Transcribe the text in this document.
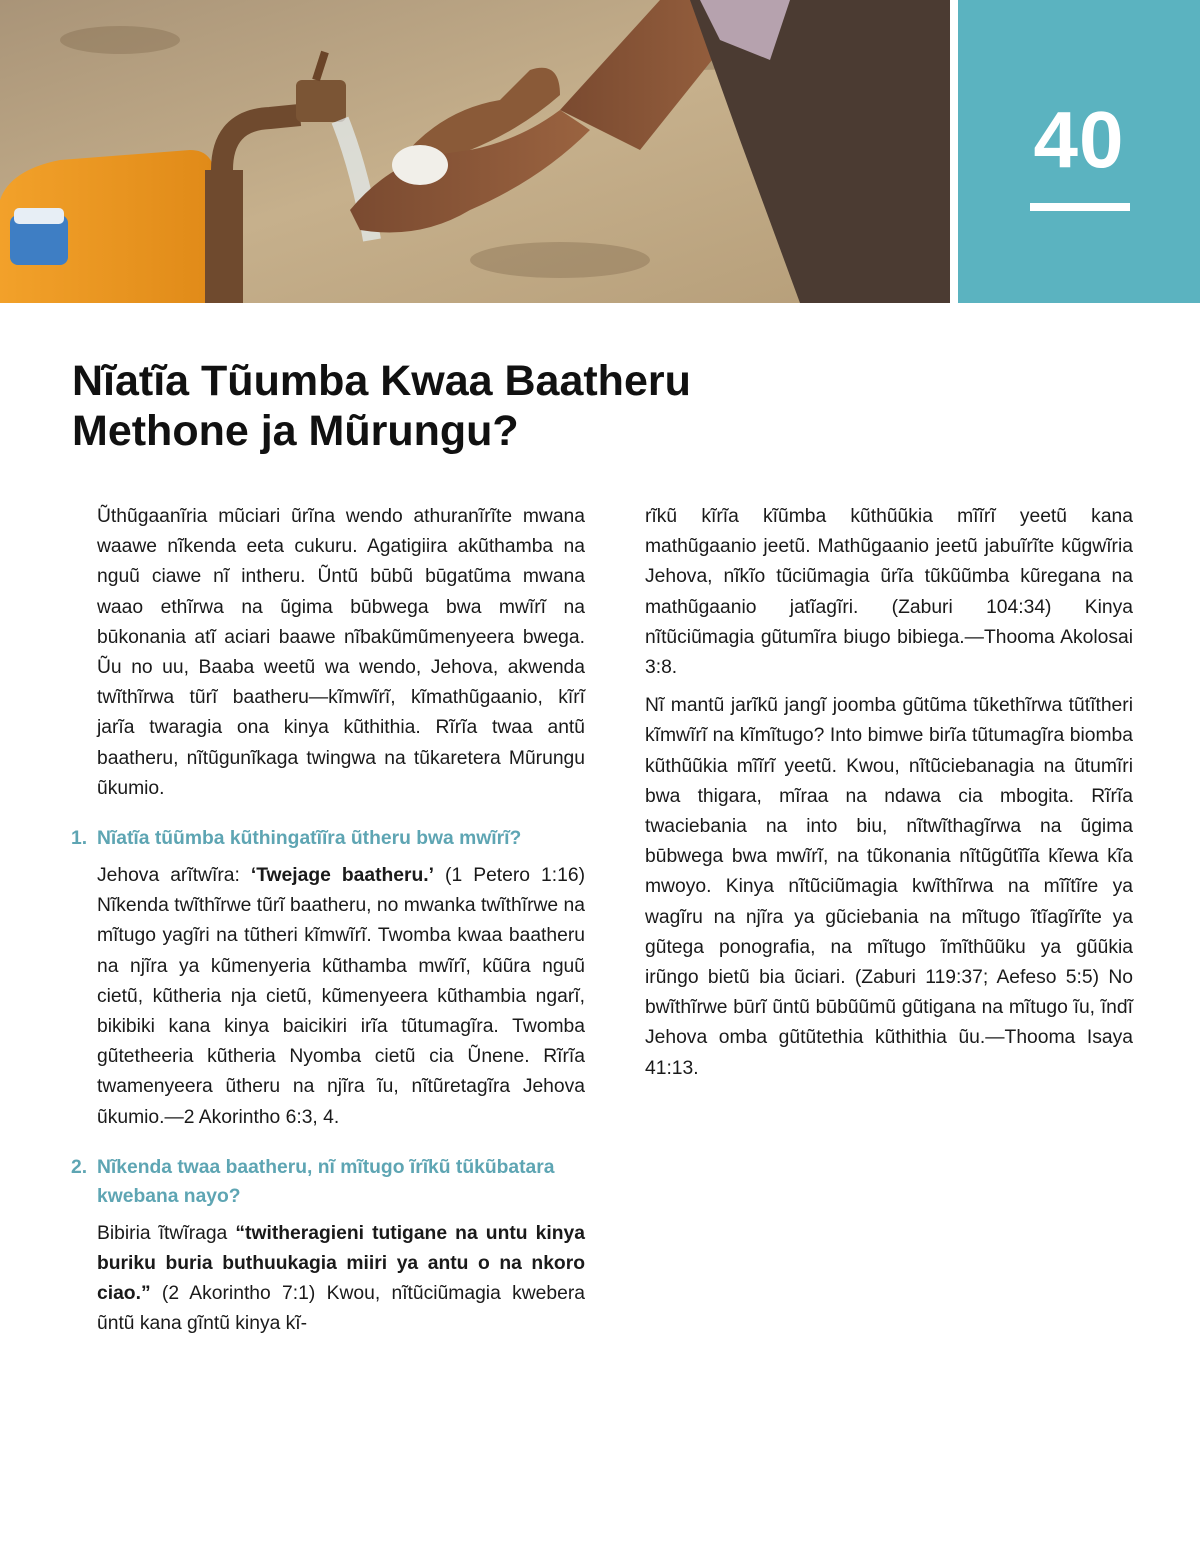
40
Nĩatĩa Tũumba Kwaa Baatheru
Methone ja Mũrungu?

Ũthũgaanĩria mũciari ũrĩna wendo athuranĩrĩte mwana waawe nĩkenda eeta cukuru. Agatigiira akũthamba na nguũ ciawe nĩ intheru. Ũntũ būbũ būgatũma mwana waao ethĩrwa na ũgima būbwega bwa mwĩrĩ na būkonania atĩ aciari baawe nĩbakũmũmenyeera bwega. Ũu no uu, Baaba weetũ wa wendo, Jehova, akwenda twĩthĩrwa tũrĩ baatheru—kĩmwĩrĩ, kĩmathũgaanio, kĩrĩ jarĩa twaragia ona kinya kũthithia. Rĩrĩa twaa antũ baatheru, nĩtũgunĩkaga twingwa na tũkaretera Mũrungu ũkumio.

1. Nĩatĩa tũũmba kũthingatĩĩra ũtheru bwa mwĩrĩ?

Jehova arĩtwĩra: ‘Twejage baatheru.’ (1 Petero 1:16) Nĩkenda twĩthĩrwe tũrĩ baatheru, no mwanka twĩthĩrwe na mĩtugo yagĩri na tũtheri kĩmwĩrĩ. Twomba kwaa baatheru na njĩra ya kũmenyeria kũthamba mwĩrĩ, kũũra nguũ cietũ, kũtheria nja cietũ, kũmenyeera kũthambia ngarĩ, bikibiki kana kinya baicikiri irĩa tũtumagĩra. Twomba gũtetheeria kũtheria Nyomba cietũ cia Ũnene. Rĩrĩa twamenyeera ũtheru na njĩra ĩu, nĩtũretagĩra Jehova ũkumio.—2 Akorintho 6:3, 4.

2. Nĩkenda twaa baatheru, nĩ mĩtugo ĩrĩkũ tũkũbatara kwebana nayo?

Bibiria ĩtwĩraga “twitheragieni tutigane na untu kinya buriku buria buthuukagia miiri ya antu o na nkoro ciao.” (2 Akorintho 7:1) Kwou, nĩtũciũmagia kwebera ũntũ kana gĩntũ kinya kĩ-

rĩkũ kĩrĩa kĩũmba kũthũũkia mĩĩrĩ yeetũ kana mathũgaanio jeetũ. Mathũgaanio jeetũ jabuĩrĩte kũgwĩria Jehova, nĩkĩo tũciũmagia ũrĩa tũkũũmba kũregana na mathũgaanio jatĩagĩri. (Zaburi 104:34) Kinya nĩtũciũmagia gũtumĩra biugo bibiega.—Thooma Akolosai 3:8.

Nĩ mantũ jarĩkũ jangĩ joomba gũtũma tũkethĩrwa tũtĩtheri kĩmwĩrĩ na kĩmĩtugo? Into bimwe birĩa tũtumagĩra biomba kũthũũkia mĩĩrĩ yeetũ. Kwou, nĩtũciebanagia na ũtumĩri bwa thigara, mĩraa na ndawa cia mbogita. Rĩrĩa twaciebania na into biu, nĩtwĩthagĩrwa na ũgima būbwega bwa mwĩrĩ, na tũkonania nĩtũgũtĩĩa kĩewa kĩa mwoyo. Kinya nĩtũciũmagia kwĩthĩrwa na mĩĩtĩre ya wagĩru na njĩra ya gũciebania na mĩtugo ĩtĩagĩrĩte ya gũtega ponografia, na mĩtugo ĩmĩthũũku ya gũũkia irũngo bietũ bia ũciari. (Zaburi 119:37; Aefeso 5:5) No bwĩthĩrwe būrĩ ũntũ būbũũmũ gũtigana na mĩtugo ĩu, ĩndĩ Jehova omba gũtũtethia kũthithia ũu.—Thooma Isaya 41:13.
